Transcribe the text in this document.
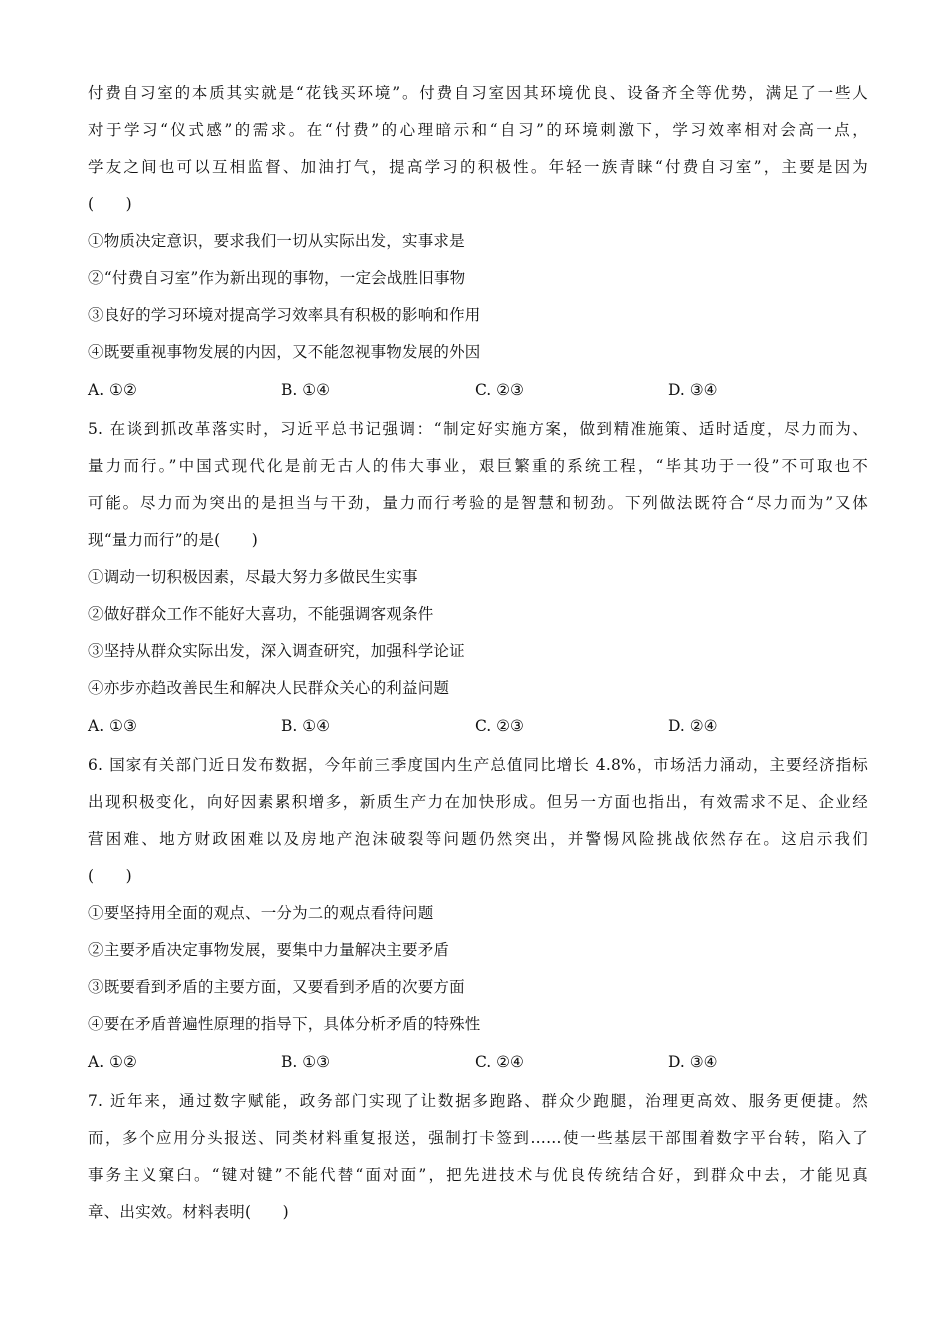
付费自习室的本质其实就是“花钱买环境”。付费自习室因其环境优良、设备齐全等优势，满足了一些人
对于学习“仪式感”的需求。在“付费”的心理暗示和“自习”的环境刺激下，学习效率相对会高一点，
学友之间也可以互相监督、加油打气，提高学习的积极性。年轻一族青睐“付费自习室”，主要是因为
(　　)
①物质决定意识，要求我们一切从实际出发，实事求是
②“付费自习室”作为新出现的事物，一定会战胜旧事物
③良好的学习环境对提高学习效率具有积极的影响和作用
④既要重视事物发展的内因，又不能忽视事物发展的外因
A. ①②	B. ①④	C. ②③	D. ③④
5. 在谈到抓改革落实时，习近平总书记强调：“制定好实施方案，做到精准施策、适时适度，尽力而为、
量力而行。”中国式现代化是前无古人的伟大事业，艰巨繁重的系统工程，“毕其功于一役”不可取也不
可能。尽力而为突出的是担当与干劲，量力而行考验的是智慧和韧劲。下列做法既符合“尽力而为”又体
现“量力而行”的是(　　)
①调动一切积极因素，尽最大努力多做民生实事
②做好群众工作不能好大喜功，不能强调客观条件
③坚持从群众实际出发，深入调查研究，加强科学论证
④亦步亦趋改善民生和解决人民群众关心的利益问题
A. ①③	B. ①④	C. ②③	D. ②④
6. 国家有关部门近日发布数据，今年前三季度国内生产总值同比增长 4.8%，市场活力涌动，主要经济指标
出现积极变化，向好因素累积增多，新质生产力在加快形成。但另一方面也指出，有效需求不足、企业经
营困难、地方财政困难以及房地产泡沫破裂等问题仍然突出，并警惕风险挑战依然存在。这启示我们
(　　)
①要坚持用全面的观点、一分为二的观点看待问题
②主要矛盾决定事物发展，要集中力量解决主要矛盾
③既要看到矛盾的主要方面，又要看到矛盾的次要方面
④要在矛盾普遍性原理的指导下，具体分析矛盾的特殊性
A. ①②	B. ①③	C. ②④	D. ③④
7. 近年来，通过数字赋能，政务部门实现了让数据多跑路、群众少跑腿，治理更高效、服务更便捷。然
而，多个应用分头报送、同类材料重复报送，强制打卡签到……使一些基层干部围着数字平台转，陷入了
事务主义窠臼。“键对键”不能代替“面对面”，把先进技术与优良传统结合好，到群众中去，才能见真
章、出实效。材料表明(　　)
